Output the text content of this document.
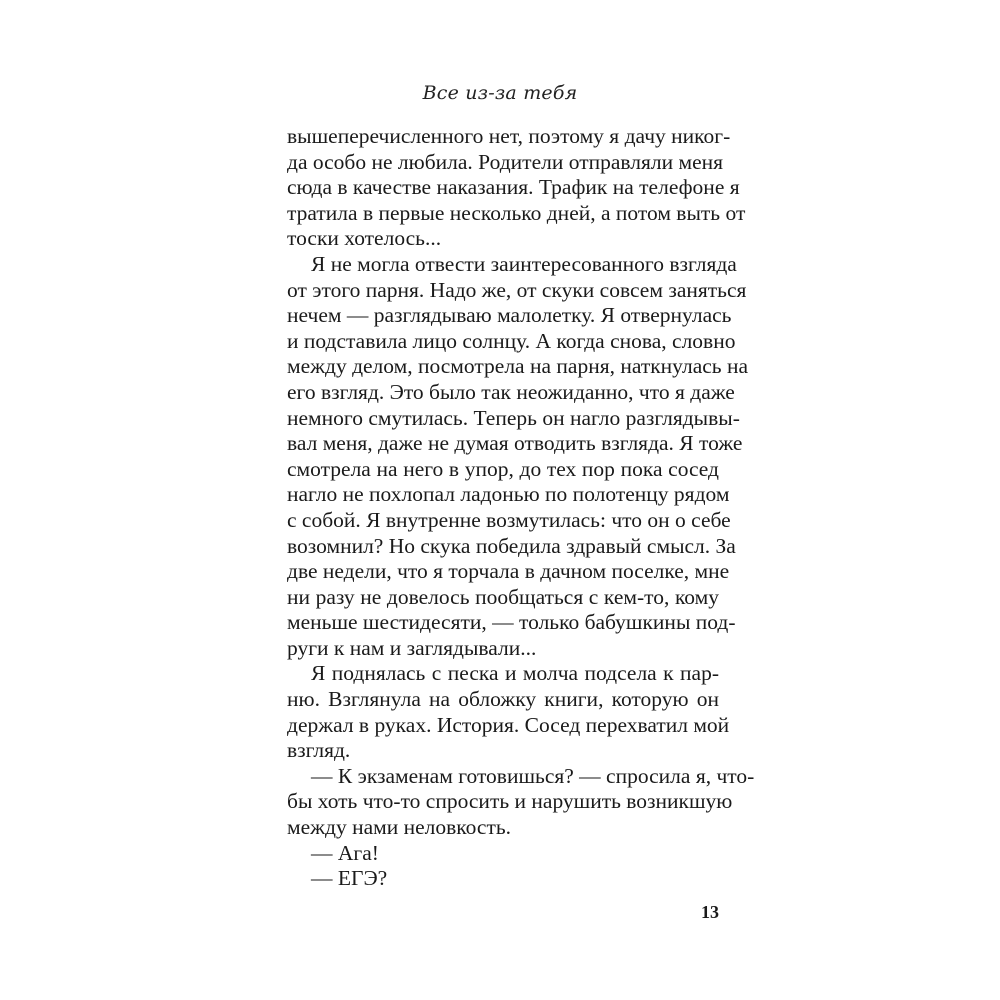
Все из-за тебя
вышеперечисленного нет, поэтому я дачу никог-
да особо не любила. Родители отправляли меня
сюда в качестве наказания. Трафик на телефоне я
тратила в первые несколько дней, а потом выть от
тоски хотелось...
Я не могла отвести заинтересованного взгляда
от этого парня. Надо же, от скуки совсем заняться
нечем — разглядываю малолетку. Я отвернулась
и подставила лицо солнцу. А когда снова, словно
между делом, посмотрела на парня, наткнулась на
его взгляд. Это было так неожиданно, что я даже
немного смутилась. Теперь он нагло разглядывы-
вал меня, даже не думая отводить взгляда. Я тоже
смотрела на него в упор, до тех пор пока сосед
нагло не похлопал ладонью по полотенцу рядом
с собой. Я внутренне возмутилась: что он о себе
возомнил? Но скука победила здравый смысл. За
две недели, что я торчала в дачном поселке, мне
ни разу не довелось пообщаться с кем-то, кому
меньше шестидесяти, — только бабушкины под-
руги к нам и заглядывали...
Я поднялась с песка и молча подсела к пар-
ню. Взглянула на обложку книги, которую он
держал в руках. История. Сосед перехватил мой
взгляд.
— К экзаменам готовишься? — спросила я, что-
бы хоть что-то спросить и нарушить возникшую
между нами неловкость.
— Ага!
— ЕГЭ?
13
